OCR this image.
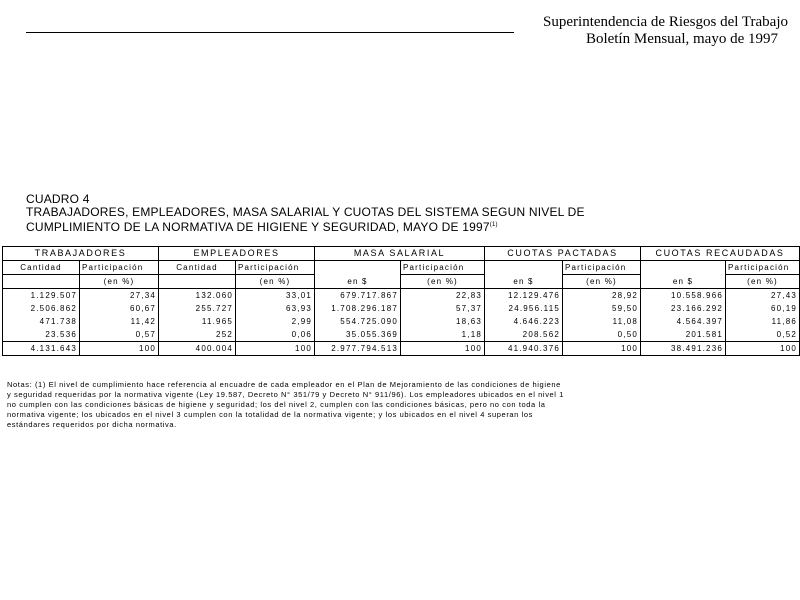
Superintendencia de Riesgos del Trabajo
Boletín Mensual, mayo de 1997
CUADRO 4
TRABAJADORES, EMPLEADORES, MASA SALARIAL Y CUOTAS DEL SISTEMA SEGUN NIVEL DE
CUMPLIMIENTO DE LA NORMATIVA DE HIGIENE Y SEGURIDAD, MAYO DE 1997$^{(1)}$
TRABAJADORES		EMPLEADORES		MASA SALARIAL		CUOTAS PACTADAS		CUOTAS RECAUDADAS	
Cantidad	Participación	Cantidad	Participación		Participación		Participación		Participación
	(en %)		(en %)	en $	(en %)	en $	(en %)	en $	(en %)
1.129.507	27,34	132.060	33,01	679.717.867	22,83	12.129.476	28,92	10.558.966	27,43
2.506.862	60,67	255.727	63,93	1.708.296.187	57,37	24.956.115	59,50	23.166.292	60,19
471.738	11,42	11.965	2,99	554.725.090	18,63	4.646.223	11,08	4.564.397	11,86
23.536	0,57	252	0,06	35.055.369	1,18	208.562	0,50	201.581	0,52
4.131.643	100	400.004	100	2.977.794.513	100	41.940.376	100	38.491.236	100
Notas: (1) El nivel de cumplimiento hace referencia al encuadre de cada empleador en el Plan de Mejoramiento de las condiciones de higiene
y seguridad requeridas por la normativa vigente (Ley 19.587, Decreto N° 351/79 y Decreto N° 911/96). Los empleadores ubicados en el nivel 1
no cumplen con las condiciones básicas de higiene y seguridad; los del nivel 2, cumplen con las condiciones básicas, pero no con toda la
normativa vigente; los ubicados en el nivel 3 cumplen con la totalidad de la normativa vigente; y los ubicados en el nivel 4 superan los
estándares requeridos por dicha normativa.
